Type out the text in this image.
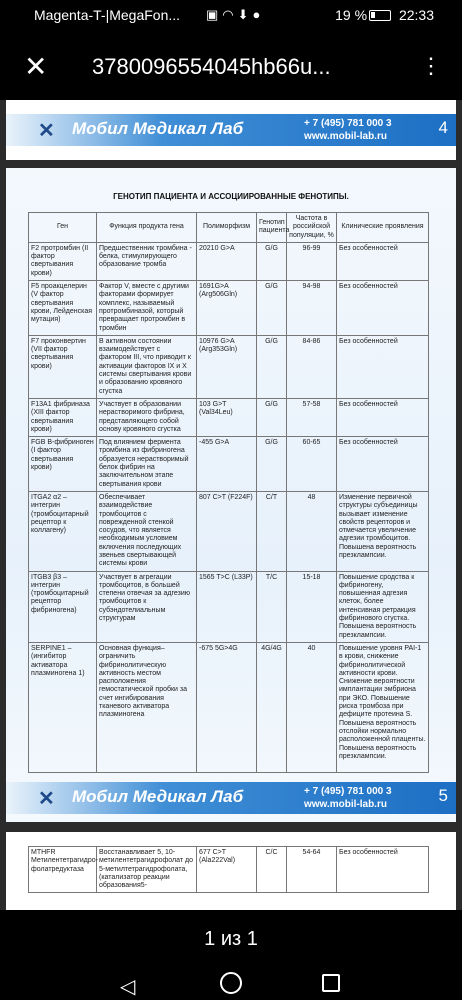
Magenta-T-|MegaFon... ▣◠⬇●	19 % 22:33
✕ 3780096554045hb66u...	⋮
✕ Мобил Медикал Лаб	+ 7 (495) 781 000 3
www.mobil-lab.ru	4
ГЕНОТИП ПАЦИЕНТА И АССОЦИИРОВАННЫЕ ФЕНОТИПЫ.
Ген	Функция продукта гена	Полиморфизм	Генотип пациента	Частота в российской популяции, %	Клинические проявления
F2 протромбин (II фактор свертывания крови)	Предшественник тромбина - белка, стимулирующего образование тромба	20210 G>A	G/G	96-99	Без особенностей
F5 проакцелерин (V фактор свертывания крови, Лейденская мутация)	Фактор V, вместе с другими факторами формирует комплекс, называемый протромбиназой, который превращает протромбин в тромбин	1691G>A (Arg506Gln)	G/G	94-98	Без особенностей
F7 проконвертин (VII фактор свертывания крови)	В активном состоянии взаимодействует с фактором III, что приводит к активации факторов IX и X системы свертывания крови и образованию кровяного сгустка	10976 G>A (Arg353Gln)	G/G	84-86	Без особенностей
F13A1 фибриназа (XIII фактор свертывания крови)	Участвует в образовании нерастворимого фибрина, представляющего собой основу кровяного сгустка	103 G>T (Val34Leu)	G/G	57-58	Без особенностей
FGB В-фибриноген (I фактор свертывания крови)	Под влиянием фермента тромбина из фибриногена образуется нерастворимый белок фибрин на заключительном этапе свертывания крови	-455 G>A	G/G	60-65	Без особенностей
ITGA2 α2 – интегрин (тромбоцитарный рецептор к коллагену)	Обеспечивает взаимодействие тромбоцитов с поврежденной стенкой сосудов, что является необходимым условием включения последующих звеньев свертывающей системы крови	807 C>T (F224F)	C/T	48	Изменение первичной структуры субъединицы вызывает изменение свойств рецепторов и отмечается увеличение адгезии тромбоцитов. Повышена вероятность презклампсии.
ITGB3 β3 – интегрин (тромбоцитарный рецептор фибриногена)	Участвует в агрегации тромбоцитов, в большей степени отвечая за адгезию тромбоцитов к субэндотелиальным структурам	1565 T>C (L33P)	T/C	15-18	Повышение сродства к фибриногену, повышенная адгезия клеток, более интенсивная ретракция фибринового сгустка. Повышена вероятность презклампсии.
SERPINE1 – (ингибитор активатора плазминогена 1)	Основная функция– ограничить фибринолитическую активность местом расположения гемостатической пробки за счет ингибирования тканевого активатора плазминогена	-675 5G>4G	4G/4G	40	Повышение уровня PAI-1 в крови, снижение фибринолитической активности крови. Снижение вероятности имплантации эмбриона при ЭКО. Повышение риска тромбоза при дефиците протеина S. Повышена вероятность отслойки нормально расположенной плаценты. Повышена вероятность презклампсии.
✕ Мобил Медикал Лаб	+ 7 (495) 781 000 3
www.mobil-lab.ru	5
MTHFR Метилентетрагидро-фолатредуктаза	Восстанавливает 5, 10-метилентетрагидрофолат до 5-метилтетрагидрофолата, (катализатор реакции образования5-	677 C>T (Ala222Val)	C/C	54-64	Без особенностей
1 из 1
◁
